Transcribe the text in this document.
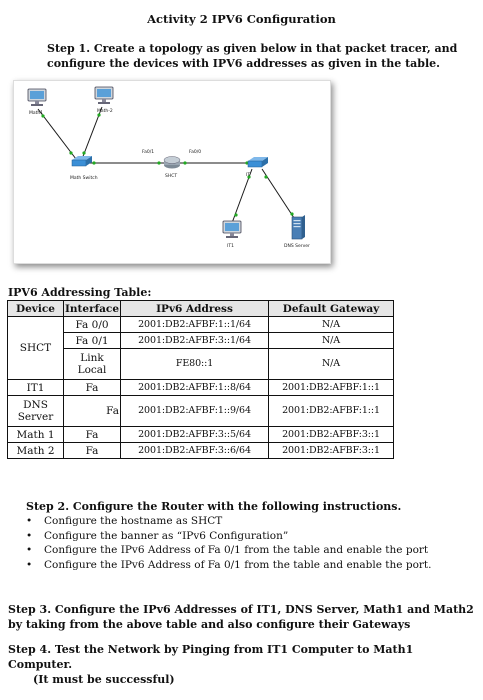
Activity 2 IPV6 Configuration
Step 1. Create a topology as given below in that packet tracer, and configure the devices with IPV6 addresses as given in the table.
Math1	Math-2
Math Switch
Fa0/1	Fa0/0
SHCT	IT
IT1	DNS Server
IPV6 Addressing Table:
Device	Interface	IPv6 Address	Default Gateway
SHCT	Fa 0/0	2001:DB2:AFBF:1::1/64	N/A
	Fa 0/1	2001:DB2:AFBF:3::1/64	N/A
	Link Local	FE80::1	N/A
IT1	Fa	2001:DB2:AFBF:1::8/64	2001:DB2:AFBF:1::1
DNS Server	Fa	2001:DB2:AFBF:1::9/64	2001:DB2:AFBF:1::1
Math 1	Fa	2001:DB2:AFBF:3::5/64	2001:DB2:AFBF:3::1
Math 2	Fa	2001:DB2:AFBF:3::6/64	2001:DB2:AFBF:3::1
Step 2. Configure the Router with the following instructions.
• Configure the hostname as SHCT
• Configure the banner as “IPv6 Configuration”
• Configure the IPv6 Address of Fa 0/1 from the table and enable the port
• Configure the IPv6 Address of Fa 0/1 from the table and enable the port.
Step 3. Configure the IPv6 Addresses of IT1, DNS Server, Math1 and Math2 by taking from the above table and also configure their Gateways
Step 4. Test the Network by Pinging from IT1 Computer to Math1 Computer.
(It must be successful)
